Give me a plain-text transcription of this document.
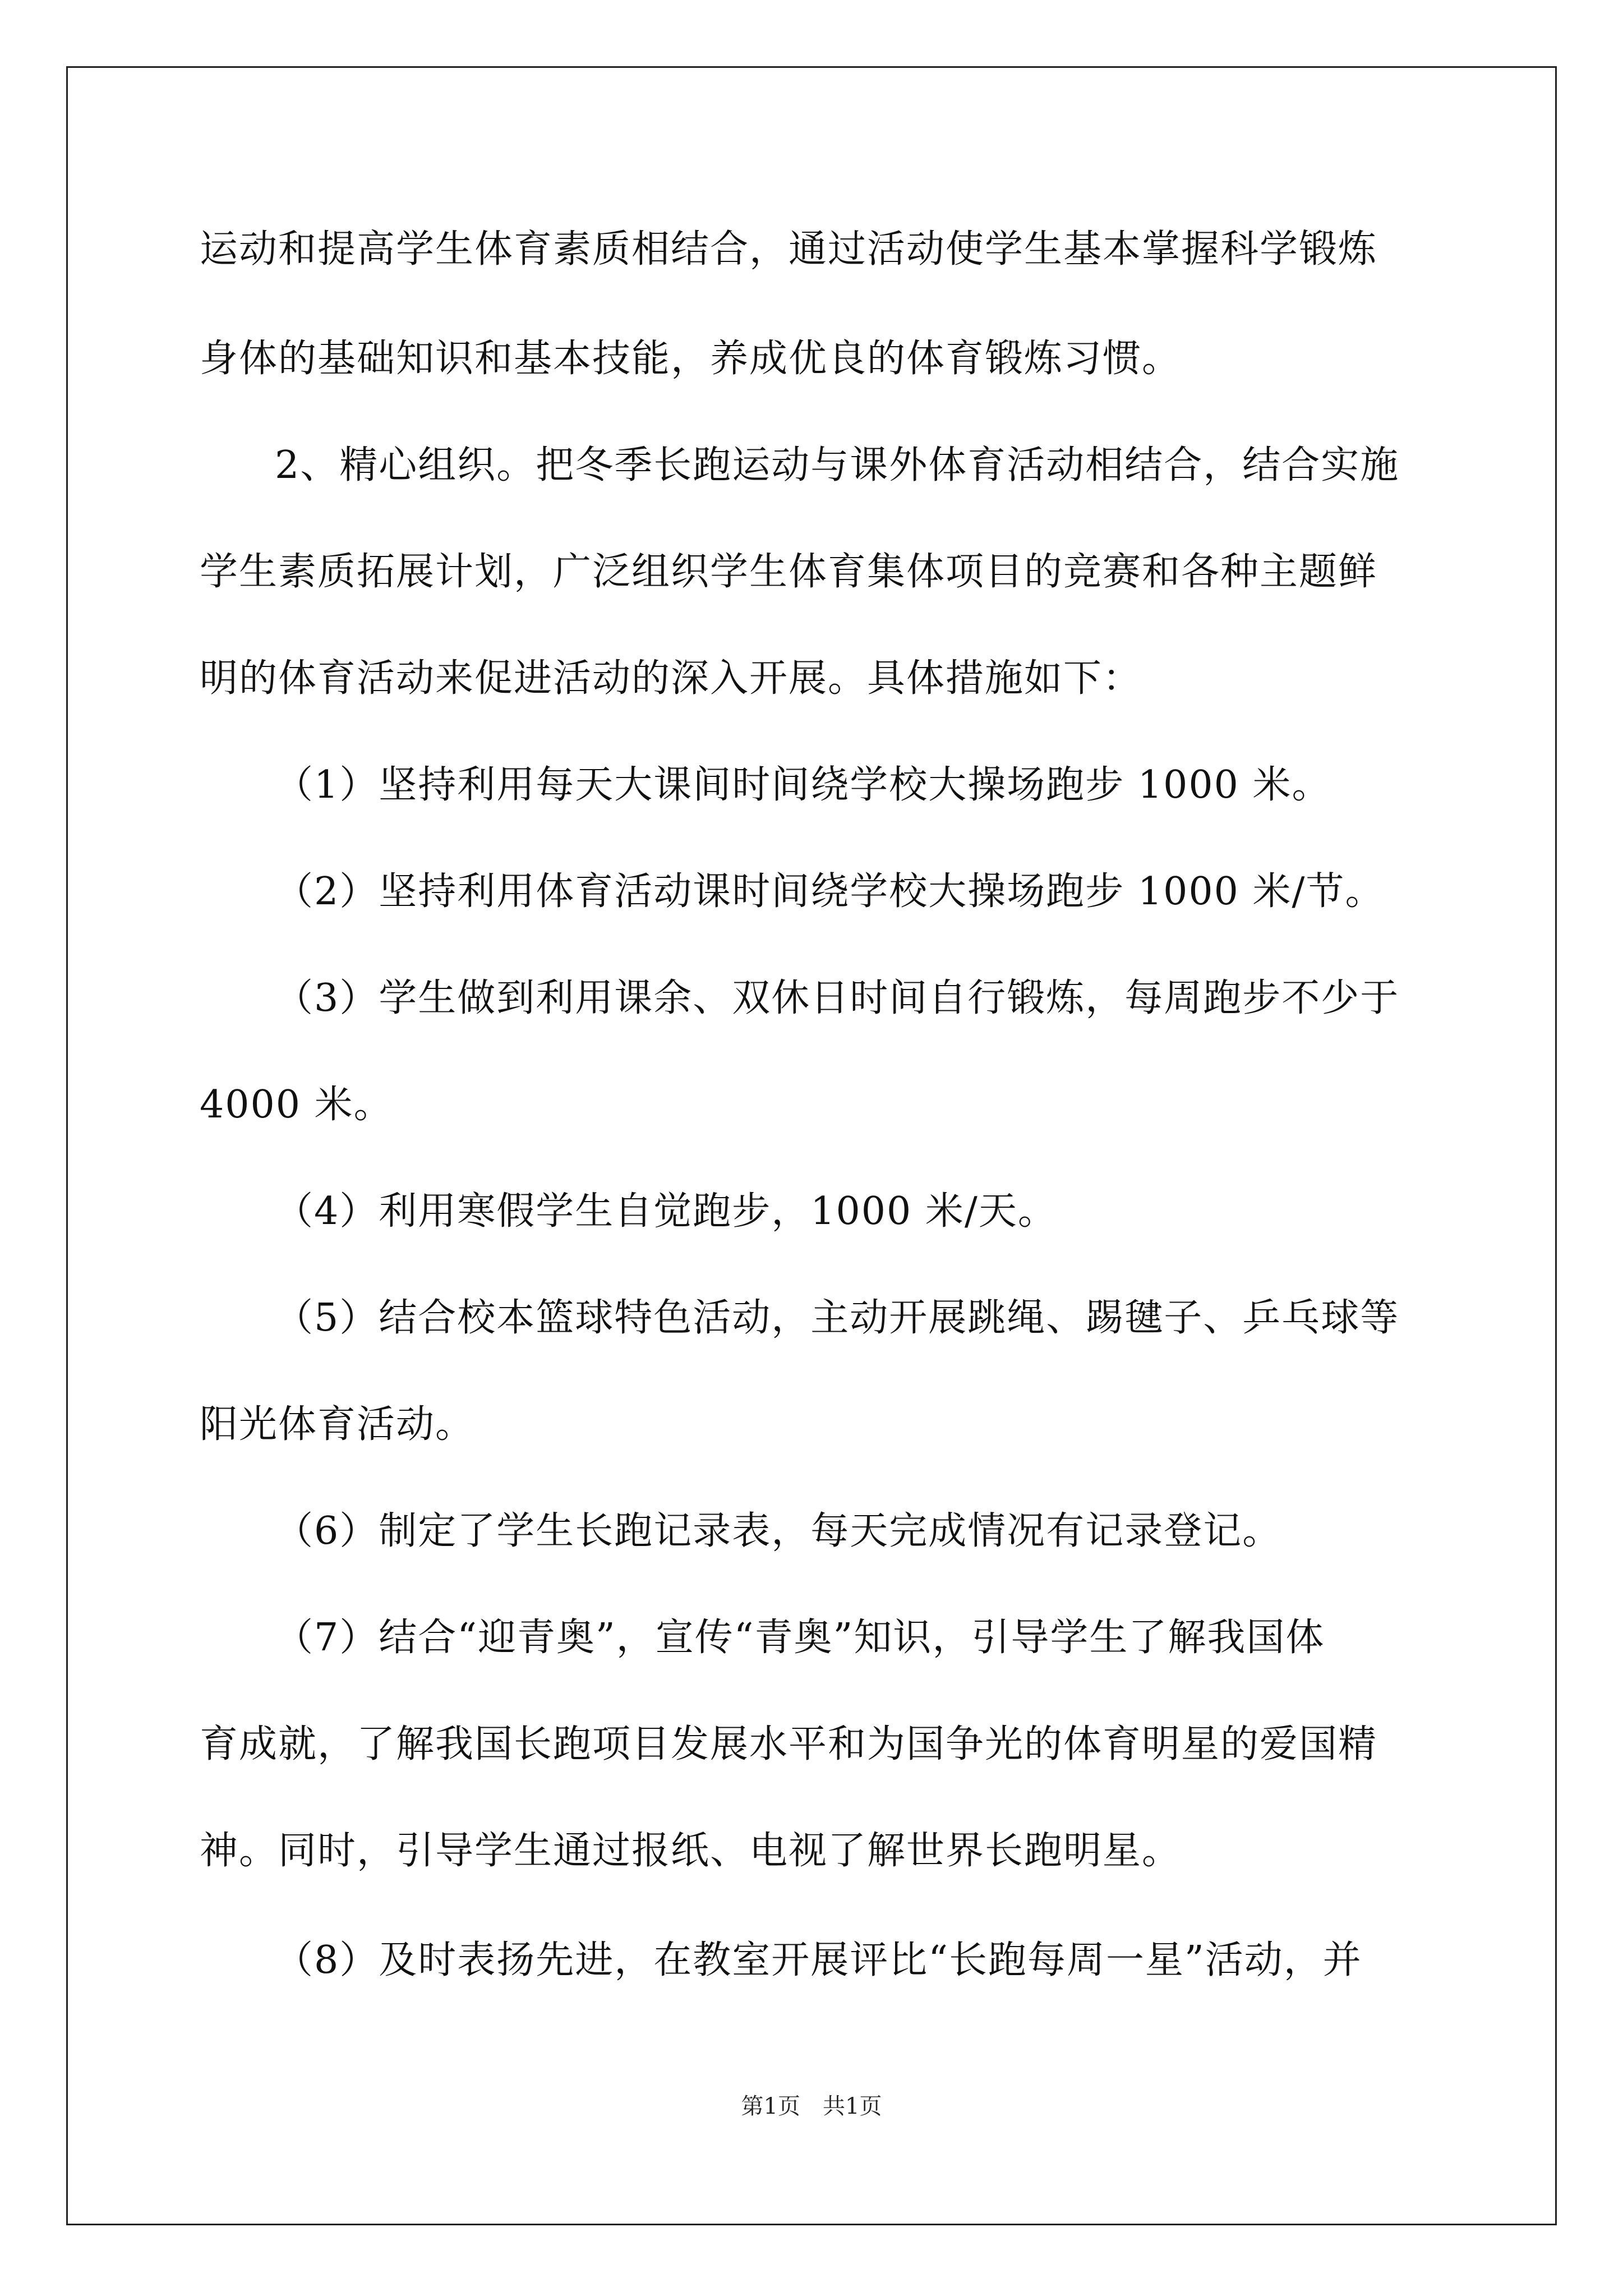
运动和提高学生体育素质相结合，通过活动使学生基本掌握科学锻炼
身体的基础知识和基本技能，养成优良的体育锻炼习惯。
2、精心组织。把冬季长跑运动与课外体育活动相结合，结合实施
学生素质拓展计划，广泛组织学生体育集体项目的竞赛和各种主题鲜
明的体育活动来促进活动的深入开展。具体措施如下：
（1）坚持利用每天大课间时间绕学校大操场跑步 1000 米。
（2）坚持利用体育活动课时间绕学校大操场跑步 1000 米/节。
（3）学生做到利用课余、双休日时间自行锻炼，每周跑步不少于
4000 米。
（4）利用寒假学生自觉跑步，1000 米/天。
（5）结合校本篮球特色活动，主动开展跳绳、踢毽子、乒乓球等
阳光体育活动。
（6）制定了学生长跑记录表，每天完成情况有记录登记。
（7）结合“迎青奥”，宣传“青奥”知识，引导学生了解我国体
育成就，了解我国长跑项目发展水平和为国争光的体育明星的爱国精
神。同时，引导学生通过报纸、电视了解世界长跑明星。
（8）及时表扬先进，在教室开展评比“长跑每周一星”活动，并
第1页　共1页
